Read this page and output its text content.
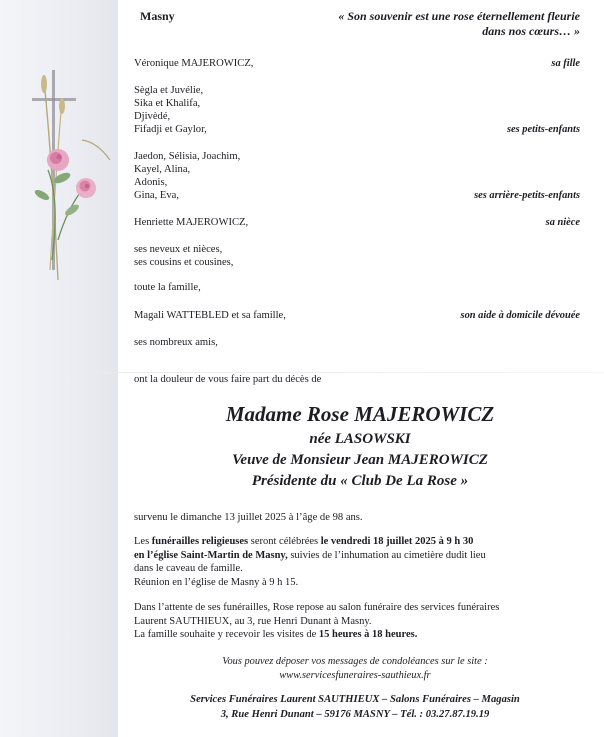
Masny	« Son souvenir est une rose éternellement fleurie
dans nos cœurs… »
Véronique MAJEROWICZ,	sa fille
Sègla et Juvélie,
Sika et Khalifa,
Djivèdé,
Fifadji et Gaylor,	ses petits-enfants
Jaedon, Sélisia, Joachim,
Kayel, Alina,
Adonis,
Gina, Eva,	ses arrière-petits-enfants
Henriette MAJEROWICZ,	sa nièce
ses neveux et nièces,
ses cousins et cousines,
toute la famille,
Magali WATTEBLED et sa famille,	son aide à domicile dévouée
ses nombreux amis,
ont la douleur de vous faire part du décès de
Madame Rose MAJEROWICZ
née LASOWSKI
Veuve de Monsieur Jean MAJEROWICZ
Présidente du « Club De La Rose »
survenu le dimanche 13 juillet 2025 à l’âge de 98 ans.
Les funérailles religieuses seront célébrées le vendredi 18 juillet 2025 à 9 h 30
en l’église Saint-Martin de Masny, suivies de l’inhumation au cimetière dudit lieu
dans le caveau de famille.
Réunion en l’église de Masny à 9 h 15.
Dans l’attente de ses funérailles, Rose repose au salon funéraire des services funéraires
Laurent SAUTHIEUX, au 3, rue Henri Dunant à Masny.
La famille souhaite y recevoir les visites de 15 heures à 18 heures.
Vous pouvez déposer vos messages de condoléances sur le site :
www.servicesfuneraires-sauthieux.fr
Services Funéraires Laurent SAUTHIEUX – Salons Funéraires – Magasin
3, Rue Henri Dunant – 59176 MASNY – Tél. : 03.27.87.19.19
